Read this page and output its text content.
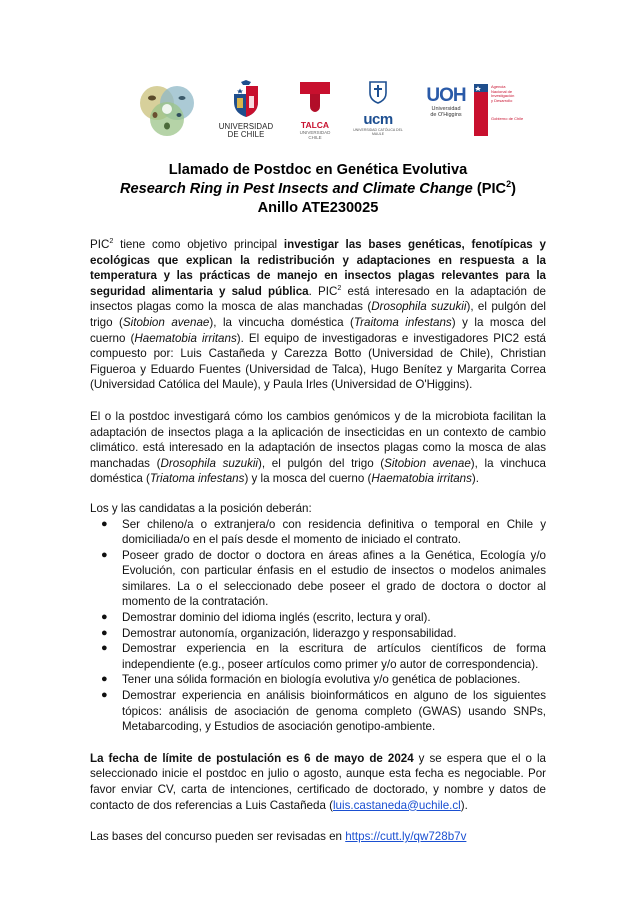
UNIVERSIDAD
DE CHILE
TALCA
UNIVERSIDAD
CHILE
ucm
UNIVERSIDAD CATÓLICA DEL MAULE
UOH
Universidad
de O'Higgins
Agencia
Nacional de
Investigación
y Desarrollo
Gobierno de Chile
Llamado de Postdoc en Genética Evolutiva
Research Ring in Pest Insects and Climate Change (PIC$^2$)
Anillo ATE230025

PIC$^2$ tiene como objetivo principal investigar las bases genéticas, fenotípicas y ecológicas que explican la redistribución y adaptaciones en respuesta a la temperatura y las prácticas de manejo en insectos plagas relevantes para la seguridad alimentaria y salud pública. PIC$^2$ está interesado en la adaptación de insectos plagas como la mosca de alas manchadas (Drosophila suzukii), el pulgón del trigo (Sitobion avenae), la vincucha doméstica (Traitoma infestans) y la mosca del cuerno (Haematobia irritans). El equipo de investigadoras e investigadores PIC2 está compuesto por: Luis Castañeda y Carezza Botto (Universidad de Chile), Christian Figueroa y Eduardo Fuentes (Universidad de Talca), Hugo Benítez y Margarita Correa (Universidad Católica del Maule), y Paula Irles (Universidad de O'Higgins).

El o la postdoc investigará cómo los cambios genómicos y de la microbiota facilitan la adaptación de insectos plaga a la aplicación de insecticidas en un contexto de cambio climático. está interesado en la adaptación de insectos plagas como la mosca de alas manchadas (Drosophila suzukii), el pulgón del trigo (Sitobion avenae), la vinchuca doméstica (Triatoma infestans) y la mosca del cuerno (Haematobia irritans).

Los y las candidatas a la posición deberán:
● Ser chileno/a o extranjera/o con residencia definitiva o temporal en Chile y domiciliada/o en el país desde el momento de iniciado el contrato.
● Poseer grado de doctor o doctora en áreas afines a la Genética, Ecología y/o Evolución, con particular énfasis en el estudio de insectos o modelos animales similares. La o el seleccionado debe poseer el grado de doctora o doctor al momento de la contratación.
● Demostrar dominio del idioma inglés (escrito, lectura y oral).
● Demostrar autonomía, organización, liderazgo y responsabilidad.
● Demostrar experiencia en la escritura de artículos científicos de forma independiente (e.g., poseer artículos como primer y/o autor de correspondencia).
● Tener una sólida formación en biología evolutiva y/o genética de poblaciones.
● Demostrar experiencia en análisis bioinformáticos en alguno de los siguientes tópicos: análisis de asociación de genoma completo (GWAS) usando SNPs, Metabarcoding, y Estudios de asociación genotipo-ambiente.

La fecha de límite de postulación es 6 de mayo de 2024 y se espera que el o la seleccionado inicie el postdoc en julio o agosto, aunque esta fecha es negociable. Por favor enviar CV, carta de intenciones, certificado de doctorado, y nombre y datos de contacto de dos referencias a Luis Castañeda (luis.castaneda@uchile.cl).

Las bases del concurso pueden ser revisadas en https://cutt.ly/qw728b7v
